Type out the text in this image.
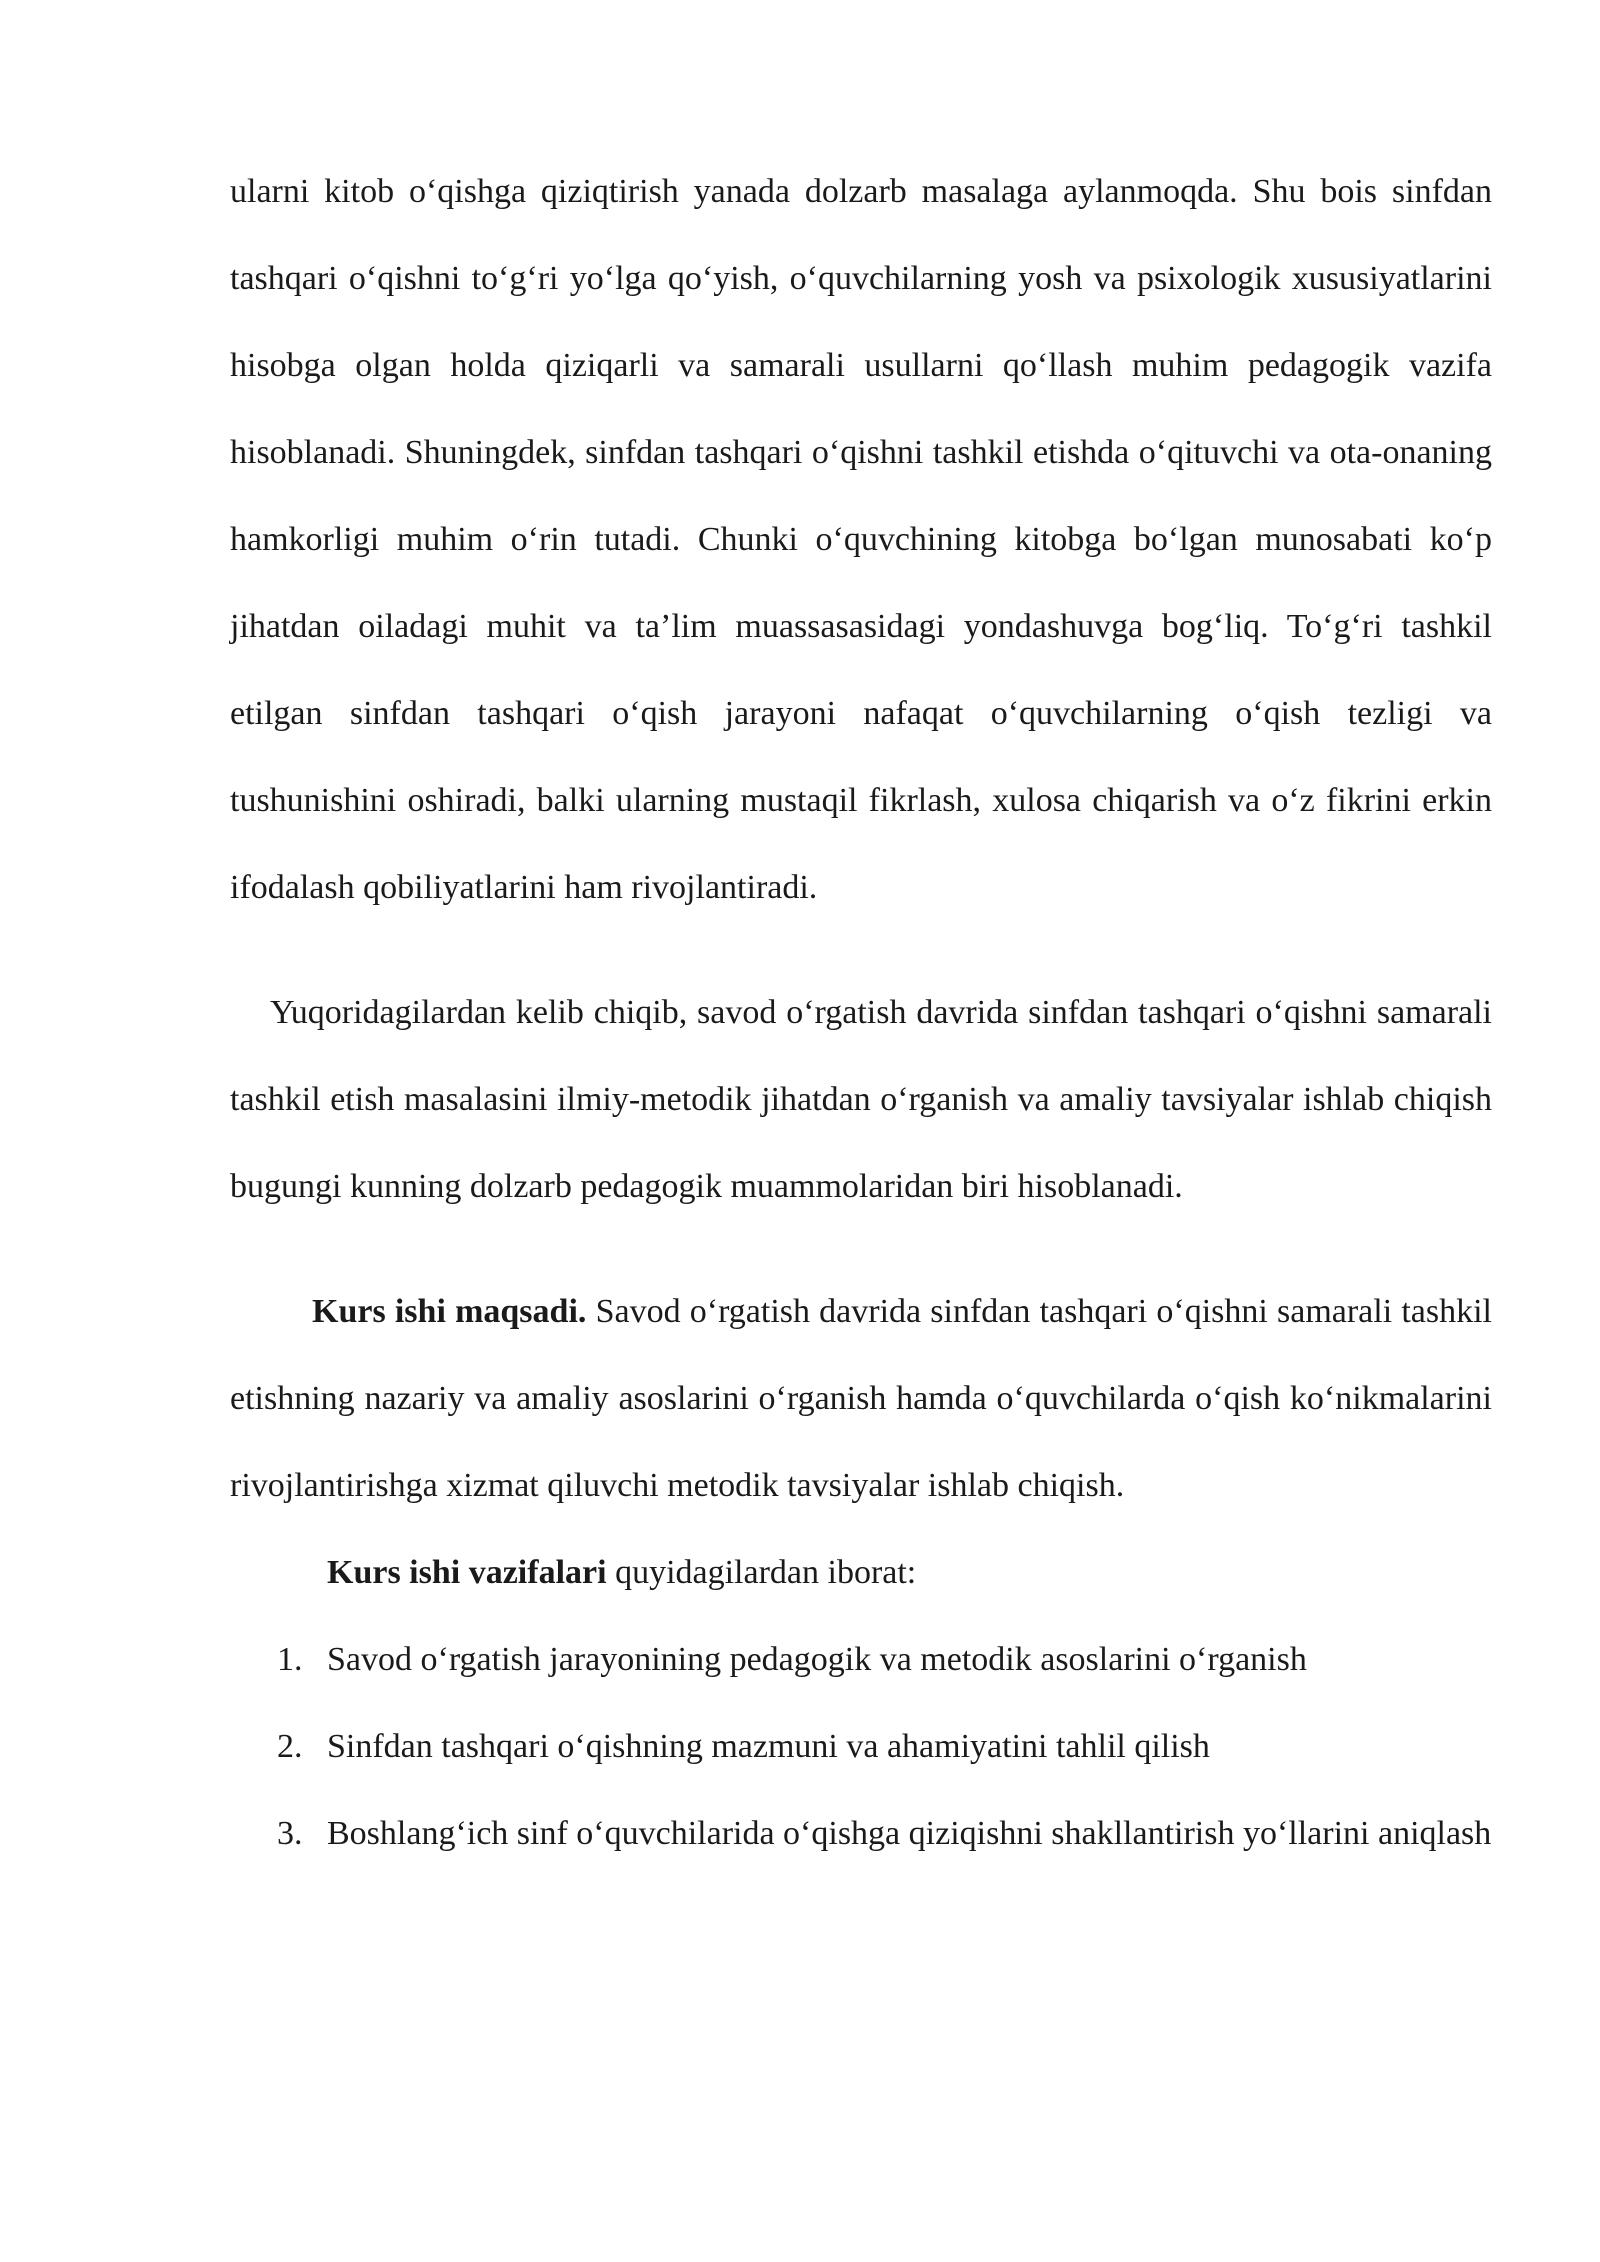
ularni kitob o‘qishga qiziqtirish yanada dolzarb masalaga aylanmoqda. Shu bois sinfdan tashqari o‘qishni to‘g‘ri yo‘lga qo‘yish, o‘quvchilarning yosh va psixologik xususiyatlarini hisobga olgan holda qiziqarli va samarali usullarni qo‘llash muhim pedagogik vazifa hisoblanadi. Shuningdek, sinfdan tashqari o‘qishni tashkil etishda o‘qituvchi va ota-onaning hamkorligi muhim o‘rin tutadi. Chunki o‘quvchining kitobga bo‘lgan munosabati ko‘p jihatdan oiladagi muhit va ta’lim muassasasidagi yondashuvga bog‘liq. To‘g‘ri tashkil etilgan sinfdan tashqari o‘qish jarayoni nafaqat o‘quvchilarning o‘qish tezligi va tushunishini oshiradi, balki ularning mustaqil fikrlash, xulosa chiqarish va o‘z fikrini erkin ifodalash qobiliyatlarini ham rivojlantiradi.

Yuqoridagilardan kelib chiqib, savod o‘rgatish davrida sinfdan tashqari o‘qishni samarali tashkil etish masalasini ilmiy-metodik jihatdan o‘rganish va amaliy tavsiyalar ishlab chiqish bugungi kunning dolzarb pedagogik muammolaridan biri hisoblanadi.

Kurs ishi maqsadi. Savod o‘rgatish davrida sinfdan tashqari o‘qishni samarali tashkil etishning nazariy va amaliy asoslarini o‘rganish hamda o‘quvchilarda o‘qish ko‘nikmalarini rivojlantirishga xizmat qiluvchi metodik tavsiyalar ishlab chiqish.

Kurs ishi vazifalari quyidagilardan iborat:

1. Savod o‘rgatish jarayonining pedagogik va metodik asoslarini o‘rganish
2. Sinfdan tashqari o‘qishning mazmuni va ahamiyatini tahlil qilish
3. Boshlang‘ich sinf o‘quvchilarida o‘qishga qiziqishni shakllantirish yo‘llarini aniqlash
